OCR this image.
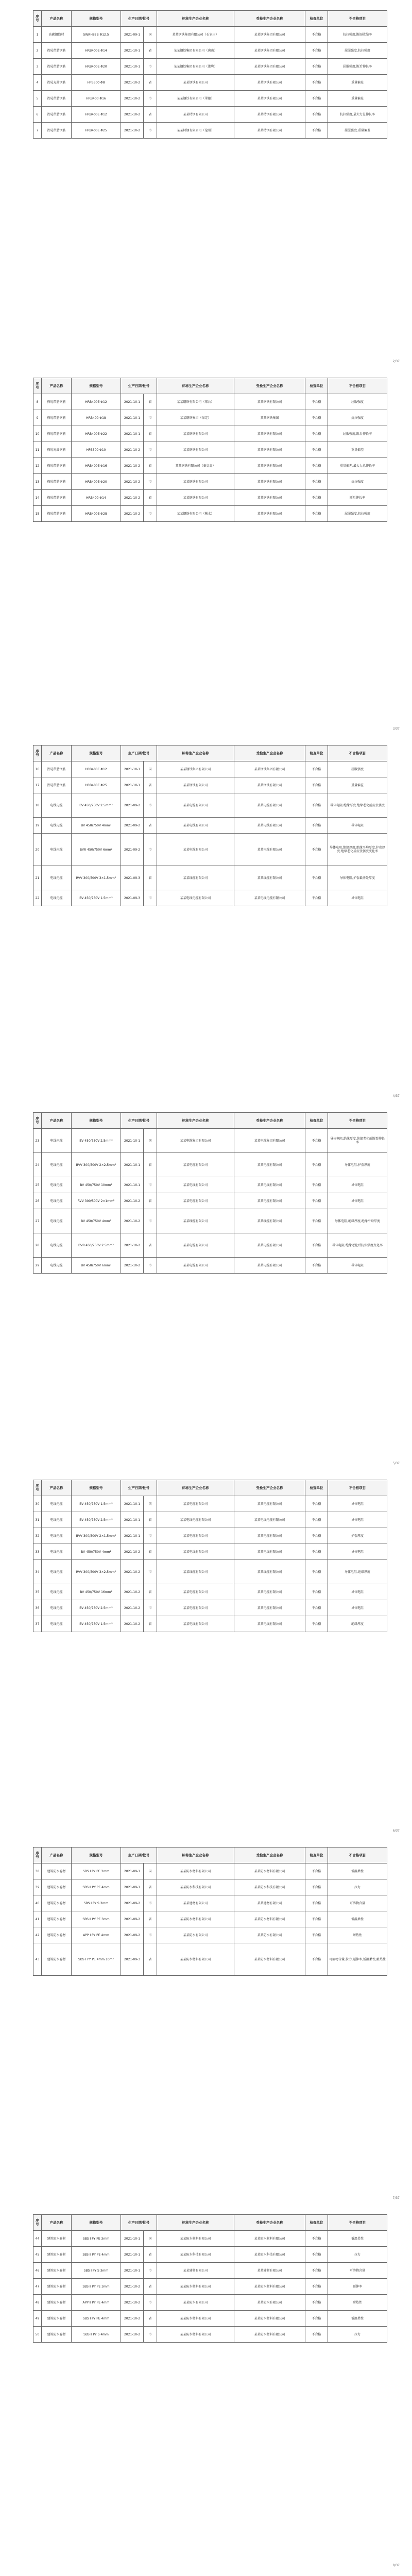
序号	产品名称	规格型号	生产日期/批号		标称生产企业名称	受检生产企业名称	检查单位	不合格项目
1	高碳钢线材	SWRH82B Φ12.5	2021-09-1	国	某某钢铁集团有限公司（石家庄）	某某钢铁集团有限公司	不合格	抗拉强度,断面收缩率
2	热轧带肋钢筋	HRB400E Φ14	2021-10-1	省	某某钢铁集团有限公司（唐山）	某某钢铁集团有限公司	不合格	屈服强度,抗拉强度
3	热轧带肋钢筋	HRB400E Φ20	2021-10-1	市	某某钢铁集团有限公司（邯郸）	某某钢铁集团有限公司	不合格	屈服强度,断后伸长率
4	热轧光圆钢筋	HPB300 Φ8	2021-10-2	省	某某钢铁有限公司	某某钢铁有限公司	不合格	重量偏差
5	热轧带肋钢筋	HRB400 Φ16	2021-10-2	市	某某钢铁有限公司（承德）	某某钢铁有限公司	不合格	重量偏差
6	热轧带肋钢筋	HRB400E Φ12	2021-10-2	省	某某特钢有限公司	某某特钢有限公司	不合格	抗拉强度,最大力总伸长率
7	热轧带肋钢筋	HRB400E Φ25	2021-10-2	市	某某特钢有限公司（沧州）	某某特钢有限公司	不合格	屈服强度,重量偏差
2/37
序号	产品名称	规格型号	生产日期/批号		标称生产企业名称	受检生产企业名称	检查单位	不合格项目
8	热轧带肋钢筋	HRB400E Φ12	2021-10-1	省	某某钢铁有限公司（邢台）	某某钢铁有限公司	不合格	屈服强度
9	热轧带肋钢筋	HRB400 Φ18	2021-10-1	市	某某钢铁集团（保定）	某某钢铁集团	不合格	抗拉强度
10	热轧带肋钢筋	HRB400E Φ22	2021-10-1	省	某某钢铁有限公司	某某钢铁有限公司	不合格	屈服强度,断后伸长率
11	热轧光圆钢筋	HPB300 Φ10	2021-10-2	市	某某钢铁有限公司	某某钢铁有限公司	不合格	重量偏差
12	热轧带肋钢筋	HRB400E Φ16	2021-10-2	省	某某钢铁有限公司（秦皇岛）	某某钢铁有限公司	不合格	重量偏差,最大力总伸长率
13	热轧带肋钢筋	HRB400E Φ20	2021-10-2	市	某某钢铁有限公司	某某钢铁有限公司	不合格	抗拉强度
14	热轧带肋钢筋	HRB400 Φ14	2021-10-2	省	某某钢铁有限公司	某某钢铁有限公司	不合格	断后伸长率
15	热轧带肋钢筋	HRB400E Φ28	2021-10-2	市	某某钢铁有限公司（衡水）	某某钢铁有限公司	不合格	屈服强度,抗拉强度
3/37
序号	产品名称	规格型号	生产日期/批号		标称生产企业名称	受检生产企业名称	检查单位	不合格项目
16	热轧带肋钢筋	HRB400E Φ12	2021-10-1	国	某某钢铁集团有限公司	某某钢铁集团有限公司	不合格	屈服强度
17	热轧带肋钢筋	HRB400E Φ25	2021-10-1	省	某某钢铁有限公司	某某钢铁有限公司	不合格	重量偏差
18	电线电缆	BV 450/750V 2.5mm²	2021-09-2	市	某某电缆有限公司	某某电缆有限公司	不合格	导体电阻,绝缘厚度,绝缘老化前抗张强度
19	电线电缆	BV 450/750V 4mm²	2021-09-2	省	某某电线有限公司	某某电线有限公司	不合格	导体电阻
20	电线电缆	BVR 450/750V 6mm²	2021-09-2	市	某某电缆有限公司	某某电缆有限公司	不合格	导体电阻,绝缘厚度,绝缘平均厚度,护套厚度,绝缘老化后抗张强度变化率
21	电线电缆	RVV 300/500V 3×1.5mm²	2021-09-3	省	某某线缆有限公司	某某线缆有限公司	不合格	导体电阻,护套最薄处厚度
22	电线电缆	BV 450/750V 1.5mm²	2021-09-3	市	某某电线电缆有限公司	某某电线电缆有限公司	不合格	导体电阻
4/37
序号	产品名称	规格型号	生产日期/批号		标称生产企业名称	受检生产企业名称	检查单位	不合格项目
23	电线电缆	BV 450/750V 2.5mm²	2021-10-1	国	某某电缆集团有限公司	某某电缆集团有限公司	不合格	导体电阻,绝缘厚度,绝缘老化前断裂伸长率
24	电线电缆	BVV 300/500V 2×2.5mm²	2021-10-1	省	某某电缆有限公司	某某电缆有限公司	不合格	导体电阻,护套厚度
25	电线电缆	BV 450/750V 10mm²	2021-10-1	市	某某电线有限公司	某某电线有限公司	不合格	导体电阻
26	电线电缆	RVV 300/500V 2×1mm²	2021-10-2	省	某某电缆有限公司	某某电缆有限公司	不合格	导体电阻
27	电线电缆	BV 450/750V 4mm²	2021-10-2	市	某某线缆有限公司	某某线缆有限公司	不合格	导体电阻,绝缘厚度,绝缘平均厚度
28	电线电缆	BVR 450/750V 2.5mm²	2021-10-2	省	某某电缆有限公司	某某电缆有限公司	不合格	导体电阻,绝缘老化后抗张强度变化率
29	电线电缆	BV 450/750V 6mm²	2021-10-2	市	某某电缆有限公司	某某电缆有限公司	不合格	导体电阻
5/37
序号	产品名称	规格型号	生产日期/批号		标称生产企业名称	受检生产企业名称	检查单位	不合格项目
30	电线电缆	BV 450/750V 1.5mm²	2021-10-1	国	某某电缆有限公司	某某电缆有限公司	不合格	导体电阻
31	电线电缆	BV 450/750V 2.5mm²	2021-10-1	省	某某电线电缆有限公司	某某电线电缆有限公司	不合格	导体电阻
32	电线电缆	BVV 300/500V 2×1.5mm²	2021-10-1	市	某某电缆有限公司	某某电缆有限公司	不合格	护套厚度
33	电线电缆	BV 450/750V 4mm²	2021-10-2	省	某某电线有限公司	某某电线有限公司	不合格	导体电阻
34	电线电缆	RVV 300/500V 3×2.5mm²	2021-10-2	市	某某线缆有限公司	某某线缆有限公司	不合格	导体电阻,绝缘厚度
35	电线电缆	BV 450/750V 16mm²	2021-10-2	省	某某电缆有限公司	某某电缆有限公司	不合格	导体电阻
36	电线电缆	BV 450/750V 2.5mm²	2021-10-2	市	某某电缆有限公司	某某电缆有限公司	不合格	导体电阻
37	电线电缆	BV 450/750V 1.5mm²	2021-10-2	省	某某电线有限公司	某某电线有限公司	不合格	绝缘厚度
6/37
序号	产品名称	规格型号	生产日期/批号		标称生产企业名称	受检生产企业名称	检查单位	不合格项目
38	建筑防水卷材	SBS Ⅰ PY PE 3mm	2021-09-1	国	某某防水材料有限公司	某某防水材料有限公司	不合格	低温柔性
39	建筑防水卷材	SBS Ⅱ PY PE 4mm	2021-09-1	省	某某防水科技有限公司	某某防水科技有限公司	不合格	拉力
40	建筑防水卷材	SBS Ⅰ PY S 3mm	2021-09-2	市	某某建材有限公司	某某建材有限公司	不合格	可溶物含量
41	建筑防水卷材	SBS Ⅱ PY PE 3mm	2021-09-2	省	某某防水材料有限公司	某某防水材料有限公司	不合格	低温柔性
42	建筑防水卷材	APP Ⅰ PY PE 4mm	2021-09-2	市	某某防水有限公司	某某防水有限公司	不合格	耐热性
43	建筑防水卷材	SBS Ⅰ PY PE 4mm 10m²	2021-09-3	省	某某防水材料有限公司	某某防水材料有限公司	不合格	可溶物含量,拉力,延伸率,低温柔性,耐热性
7/37
序号	产品名称	规格型号	生产日期/批号		标称生产企业名称	受检生产企业名称	检查单位	不合格项目
44	建筑防水卷材	SBS Ⅰ PY PE 3mm	2021-10-1	国	某某防水材料有限公司	某某防水材料有限公司	不合格	低温柔性
45	建筑防水卷材	SBS Ⅱ PY PE 4mm	2021-10-1	省	某某防水科技有限公司	某某防水科技有限公司	不合格	拉力
46	建筑防水卷材	SBS Ⅰ PY S 3mm	2021-10-1	市	某某建材有限公司	某某建材有限公司	不合格	可溶物含量
47	建筑防水卷材	SBS Ⅱ PY PE 3mm	2021-10-2	省	某某防水材料有限公司	某某防水材料有限公司	不合格	延伸率
48	建筑防水卷材	APP Ⅱ PY PE 4mm	2021-10-2	市	某某防水有限公司	某某防水有限公司	不合格	耐热性
49	建筑防水卷材	SBS Ⅰ PY PE 4mm	2021-10-2	省	某某防水材料有限公司	某某防水材料有限公司	不合格	低温柔性
50	建筑防水卷材	SBS Ⅱ PY S 4mm	2021-10-2	市	某某防水材料有限公司	某某防水材料有限公司	不合格	拉力
8/37
